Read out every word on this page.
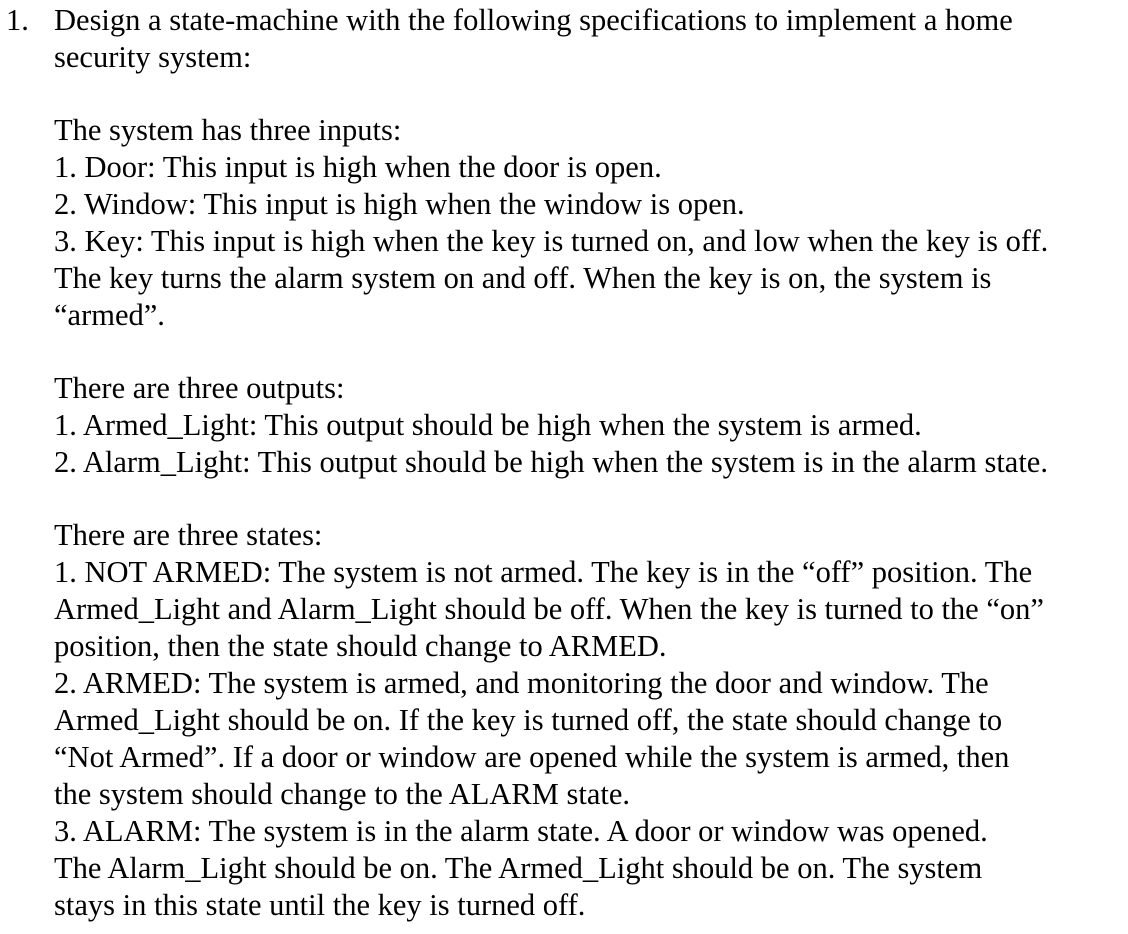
1. Design a state-machine with the following specifications to implement a home
security system:
The system has three inputs:
1. Door: This input is high when the door is open.
2. Window: This input is high when the window is open.
3. Key: This input is high when the key is turned on, and low when the key is off.
The key turns the alarm system on and off. When the key is on, the system is
“armed”.
There are three outputs:
1. Armed_Light: This output should be high when the system is armed.
2. Alarm_Light: This output should be high when the system is in the alarm state.
There are three states:
1. NOT ARMED: The system is not armed. The key is in the “off” position. The
Armed_Light and Alarm_Light should be off. When the key is turned to the “on”
position, then the state should change to ARMED.
2. ARMED: The system is armed, and monitoring the door and window. The
Armed_Light should be on. If the key is turned off, the state should change to
“Not Armed”. If a door or window are opened while the system is armed, then
the system should change to the ALARM state.
3. ALARM: The system is in the alarm state. A door or window was opened.
The Alarm_Light should be on. The Armed_Light should be on. The system
stays in this state until the key is turned off.
